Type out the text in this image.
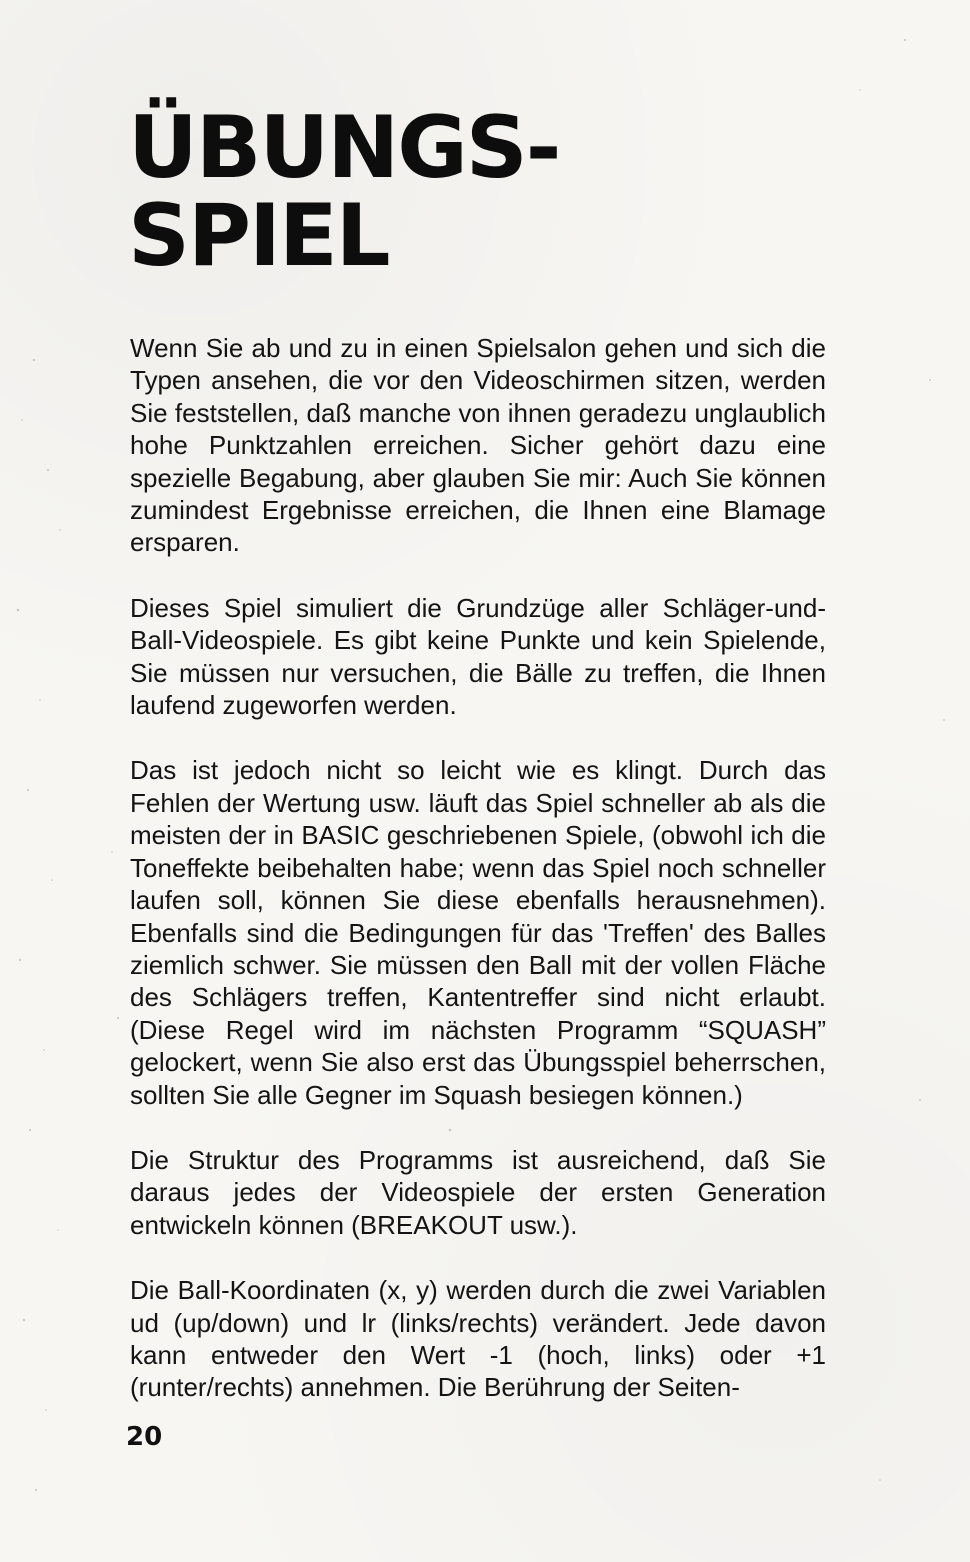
ÜBUNGS-
SPIEL

Wenn Sie ab und zu in einen Spielsalon gehen und sich die Typen ansehen, die vor den Videoschirmen sitzen, werden Sie feststellen, daß manche von ihnen geradezu unglaublich hohe Punktzahlen erreichen. Sicher gehört dazu eine spezielle Begabung, aber glauben Sie mir: Auch Sie können zumindest Ergebnisse erreichen, die Ihnen eine Blamage ersparen.

Dieses Spiel simuliert die Grundzüge aller Schläger-und-Ball-Videospiele. Es gibt keine Punkte und kein Spielende, Sie müssen nur versuchen, die Bälle zu treffen, die Ihnen laufend zugeworfen werden.

Das ist jedoch nicht so leicht wie es klingt. Durch das Fehlen der Wertung usw. läuft das Spiel schneller ab als die meisten der in BASIC geschriebenen Spiele, (obwohl ich die Toneffekte beibehalten habe; wenn das Spiel noch schneller laufen soll, können Sie diese ebenfalls herausnehmen). Ebenfalls sind die Bedingungen für das 'Treffen' des Balles ziemlich schwer. Sie müssen den Ball mit der vollen Fläche des Schlägers treffen, Kantentreffer sind nicht erlaubt. (Diese Regel wird im nächsten Programm “SQUASH” gelockert, wenn Sie also erst das Übungsspiel beherrschen, sollten Sie alle Gegner im Squash besiegen können.)

Die Struktur des Programms ist ausreichend, daß Sie daraus jedes der Videospiele der ersten Generation entwickeln können (BREAKOUT usw.).

Die Ball-Koordinaten (x, y) werden durch die zwei Variablen ud (up/down) und lr (links/rechts) verändert. Jede davon kann entweder den Wert -1 (hoch, links) oder +1 (runter/rechts) annehmen. Die Berührung der Seiten-

20
